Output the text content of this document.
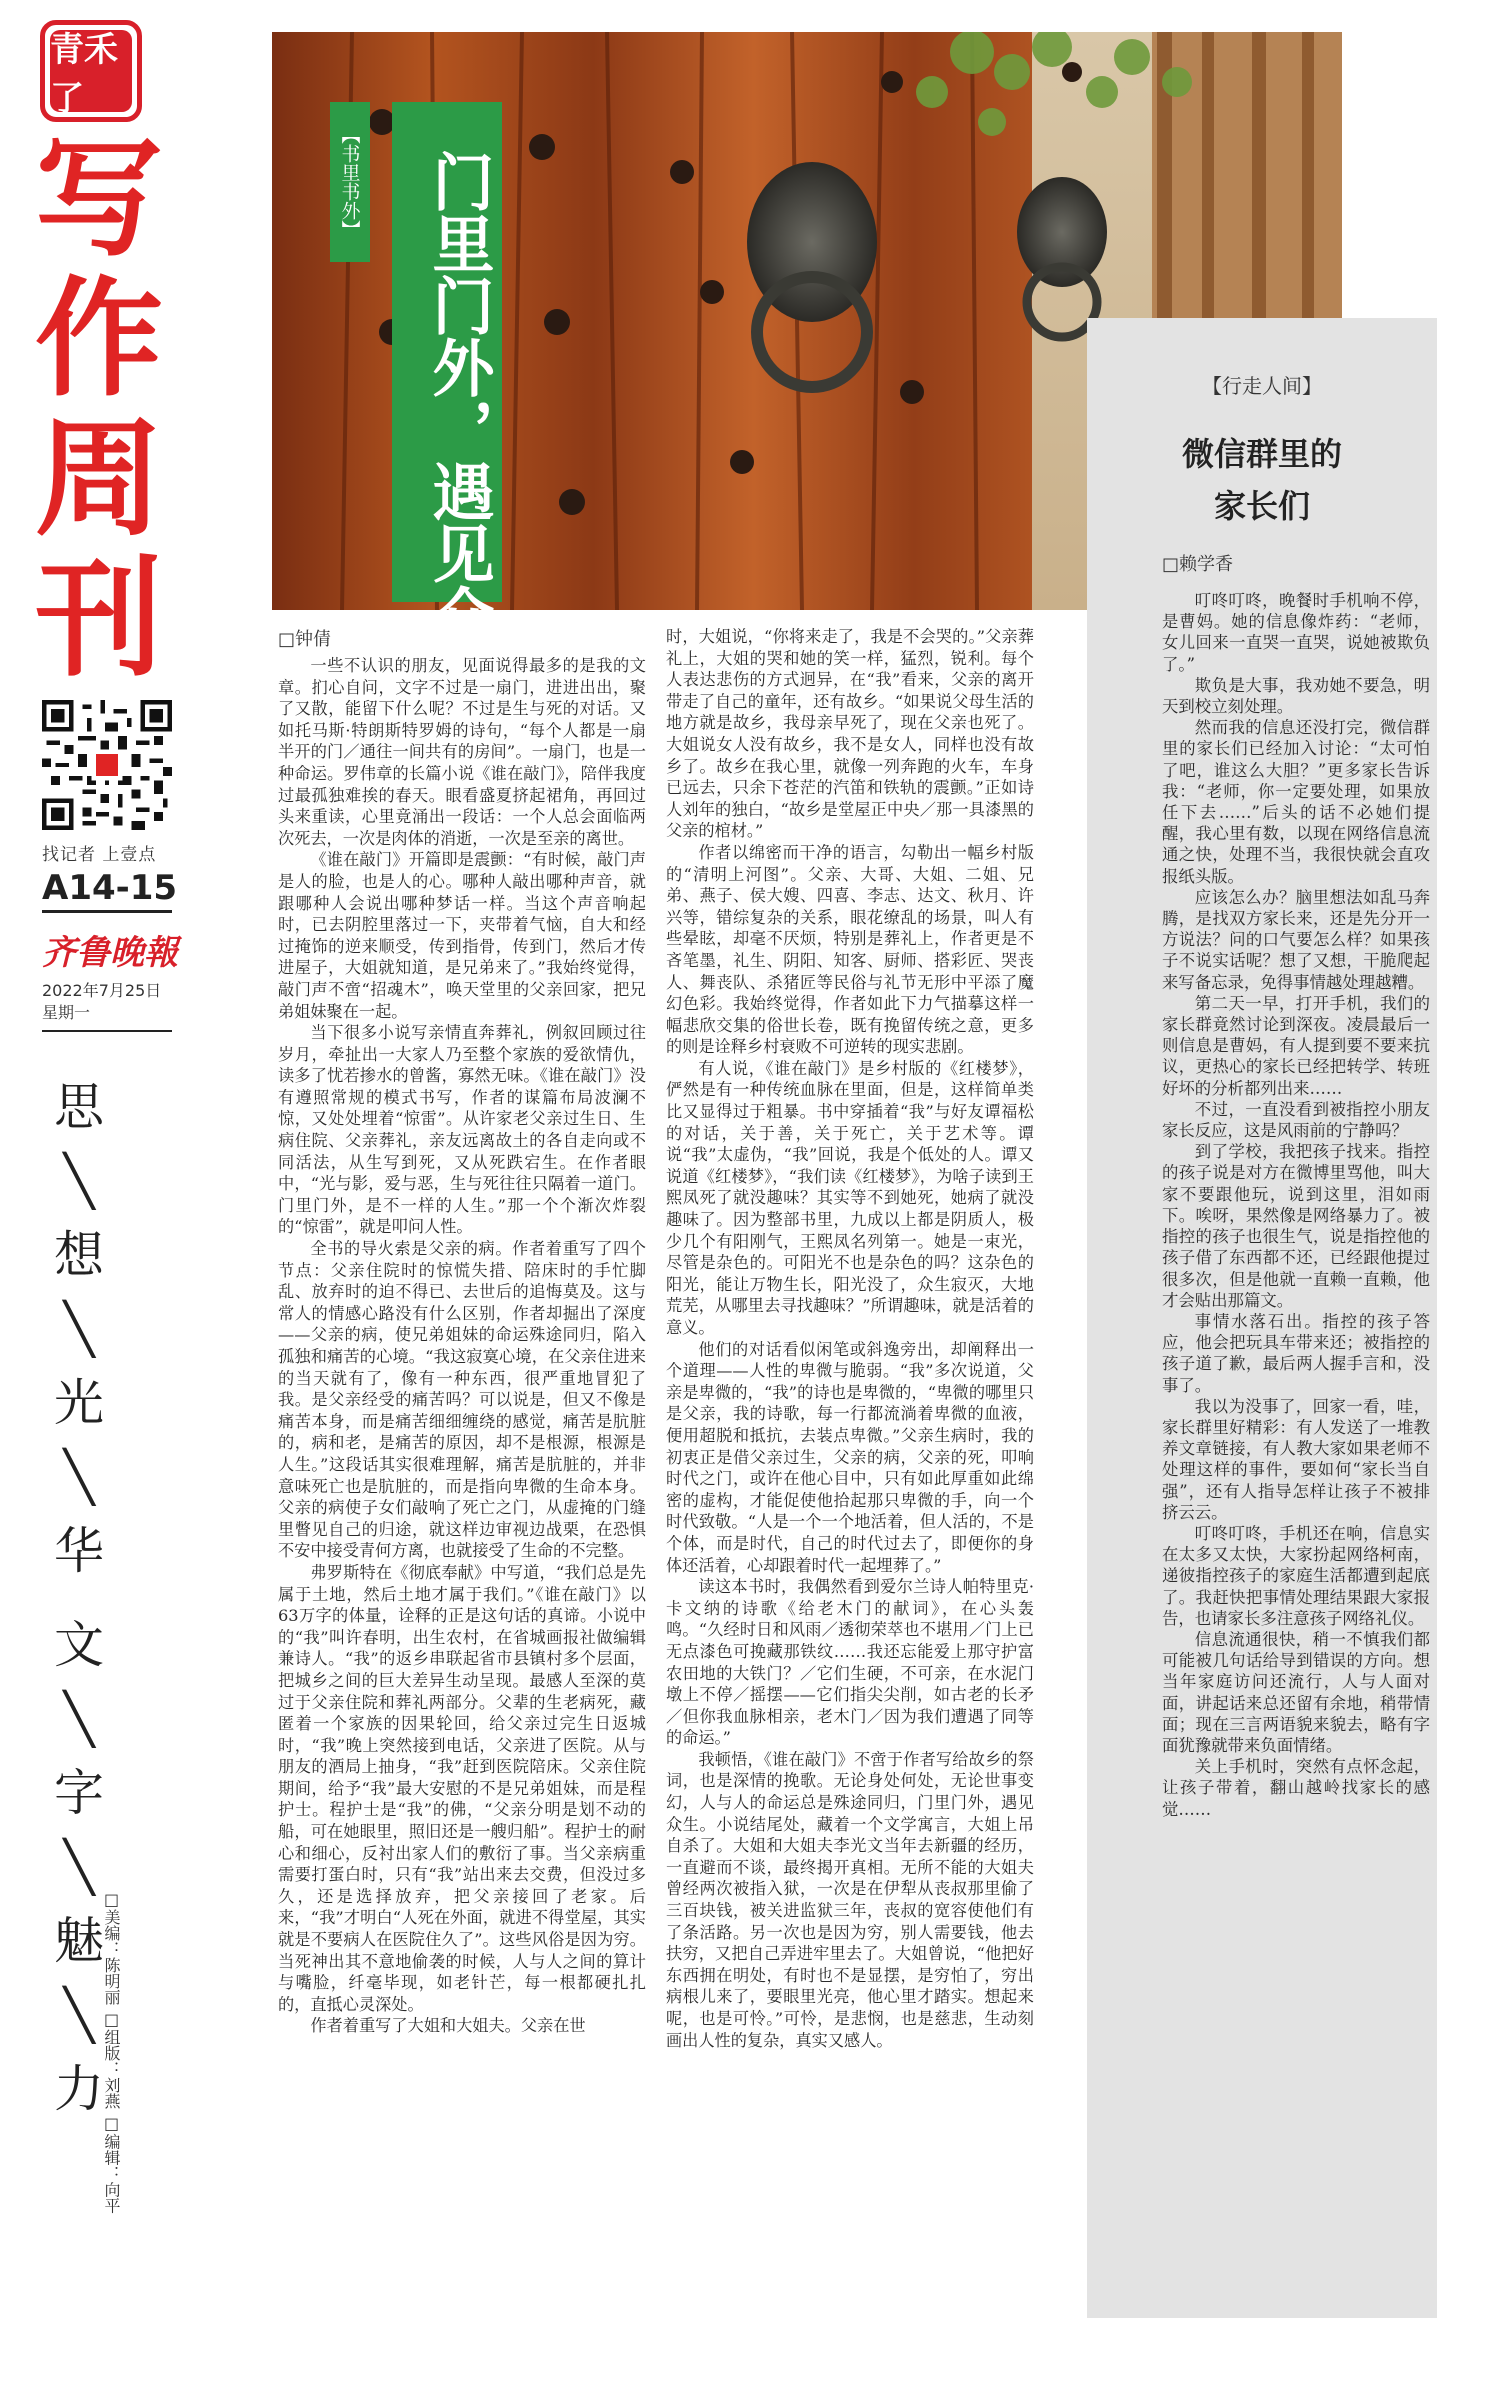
青禾了
写
作
周
刊
找记者 上壹点
A14-15
齐鲁晚報
2022年7月25日
星期一
思
╲
想
╲
光
╲
华
文
╲
字
╲
魅
╲
力
□美编：陈明丽 □组版：刘燕 □编辑：向平
【书里书外】 门里门外，遇见众生	【行走人间】
微信群里的
家长们
□赖学香
□钟倩

一些不认识的朋友，见面说得最多的是我的文章。扪心自问，文字不过是一扇门，进进出出，聚了又散，能留下什么呢？不过是生与死的对话。又如托马斯·特朗斯特罗姆的诗句，“每个人都是一扇半开的门／通往一间共有的房间”。一扇门，也是一种命运。罗伟章的长篇小说《谁在敲门》，陪伴我度过最孤独难挨的春天。眼看盛夏挤起裙角，再回过头来重读，心里竟涌出一段话：一个人总会面临两次死去，一次是肉体的消逝，一次是至亲的离世。

《谁在敲门》开篇即是震颤：“有时候，敲门声是人的脸，也是人的心。哪种人敲出哪种声音，就跟哪种人会说出哪种梦话一样。当这个声音响起时，已去阴腔里落过一下，夹带着气恼，自大和经过掩饰的逆来顺受，传到指骨，传到门，然后才传进屋子，大姐就知道，是兄弟来了。”我始终觉得，敲门声不啻“招魂木”，唤天堂里的父亲回家，把兄弟姐妹聚在一起。

当下很多小说写亲情直奔葬礼，例叙回顾过往岁月，牵扯出一大家人乃至整个家族的爱欲情仇，读多了忧若掺水的曾酱，寡然无味。《谁在敲门》没有遵照常规的模式书写，作者的谋篇布局波澜不惊，又处处埋着“惊雷”。从许家老父亲过生日、生病住院、父亲葬礼，亲友远离故土的各自走向或不同活法，从生写到死，又从死跌宕生。在作者眼中，“光与影，爱与恶，生与死往往只隔着一道门。门里门外，是不一样的人生。”那一个个渐次炸裂的“惊雷”，就是叩问人性。

全书的导火索是父亲的病。作者着重写了四个节点：父亲住院时的惊慌失措、陪床时的手忙脚乱、放弃时的迫不得已、去世后的追悔莫及。这与常人的情感心路没有什么区别，作者却掘出了深度——父亲的病，使兄弟姐妹的命运殊途同归，陷入孤独和痛苦的心境。“我这寂寞心境，在父亲住进来的当天就有了，像有一种东西，很严重地冒犯了我。是父亲经受的痛苦吗？可以说是，但又不像是痛苦本身，而是痛苦细细缠绕的感觉，痛苦是肮脏的，病和老，是痛苦的原因，却不是根源，根源是人生。”这段话其实很难理解，痛苦是肮脏的，并非意味死亡也是肮脏的，而是指向卑微的生命本身。父亲的病使子女们敲响了死亡之门，从虚掩的门缝里瞥见自己的归途，就这样边审视边战栗，在恐惧不安中接受青何方离，也就接受了生命的不完整。

弗罗斯特在《彻底奉献》中写道，“我们总是先属于土地，然后土地才属于我们。”《谁在敲门》以63万字的体量，诠释的正是这句话的真谛。小说中的“我”叫许春明，出生农村，在省城画报社做编辑兼诗人。“我”的返乡串联起省市县镇村多个层面，把城乡之间的巨大差异生动呈现。最感人至深的莫过于父亲住院和葬礼两部分。父辈的生老病死，藏匿着一个家族的因果轮回，给父亲过完生日返城时，“我”晚上突然接到电话，父亲进了医院。从与朋友的酒局上抽身，“我”赶到医院陪床。父亲住院期间，给予“我”最大安慰的不是兄弟姐妹，而是程护士。程护士是“我”的佛，“父亲分明是划不动的船，可在她眼里，照旧还是一艘归船”。程护士的耐心和细心，反衬出家人们的敷衍了事。当父亲病重需要打蛋白时，只有“我”站出来去交费，但没过多久，还是选择放弃，把父亲接回了老家。后来，“我”才明白“人死在外面，就进不得堂屋，其实就是不要病人在医院住久了”。这些风俗是因为穷。当死神出其不意地偷袭的时候，人与人之间的算计与嘴脸，纤毫毕现，如老针芒，每一根都硬扎扎的，直抵心灵深处。

作者着重写了大姐和大姐夫。父亲在世

时，大姐说，“你将来走了，我是不会哭的。”父亲葬礼上，大姐的哭和她的笑一样，猛烈，锐利。每个人表达悲伤的方式迥异，在“我”看来，父亲的离开带走了自己的童年，还有故乡。“如果说父母生活的地方就是故乡，我母亲早死了，现在父亲也死了。大姐说女人没有故乡，我不是女人，同样也没有故乡了。故乡在我心里，就像一列奔跑的火车，车身已远去，只余下苍茫的汽笛和铁轨的震颤。”正如诗人刘年的独白，“故乡是堂屋正中央／那一具漆黑的父亲的棺材。”

作者以绵密而干净的语言，勾勒出一幅乡村版的“清明上河图”。父亲、大哥、大姐、二姐、兄弟、燕子、侯大嫂、四喜、李志、达文、秋月、许兴等，错综复杂的关系，眼花缭乱的场景，叫人有些晕眩，却毫不厌烦，特别是葬礼上，作者更是不吝笔墨，礼生、阴阳、知客、厨师、搭彩匠、哭丧人、舞丧队、杀猪匠等民俗与礼节无形中平添了魔幻色彩。我始终觉得，作者如此下力气描摹这样一幅悲欣交集的俗世长卷，既有挽留传统之意，更多的则是诠释乡村衰败不可逆转的现实悲剧。

有人说，《谁在敲门》是乡村版的《红楼梦》，俨然是有一种传统血脉在里面，但是，这样简单类比又显得过于粗暴。书中穿插着“我”与好友谭福松的对话，关于善，关于死亡，关于艺术等。谭说“我”太虚伪，“我”回说，我是个低处的人。谭又说道《红楼梦》，“我们读《红楼梦》，为啥子读到王熙凤死了就没趣味？其实等不到她死，她病了就没趣味了。因为整部书里，九成以上都是阴质人，极少几个有阳刚气，王熙凤名列第一。她是一束光，尽管是杂色的。可阳光不也是杂色的吗？这杂色的阳光，能让万物生长，阳光没了，众生寂灭，大地荒芜，从哪里去寻找趣味？”所谓趣味，就是活着的意义。

他们的对话看似闲笔或斜逸旁出，却阐释出一个道理——人性的卑微与脆弱。“我”多次说道，父亲是卑微的，“我”的诗也是卑微的，“卑微的哪里只是父亲，我的诗歌，每一行都流淌着卑微的血液，便用超脱和抵抗，去装点卑微。”父亲生病时，我的初衷正是借父亲过生，父亲的病，父亲的死，叩响时代之门，或许在他心目中，只有如此厚重如此绵密的虚构，才能促使他拾起那只卑微的手，向一个时代致敬。“人是一个一个地活着，但人活的，不是个体，而是时代，自己的时代过去了，即便你的身体还活着，心却跟着时代一起埋葬了。”

读这本书时，我偶然看到爱尔兰诗人帕特里克·卡文纳的诗歌《给老木门的献词》，在心头轰鸣。“久经时日和风雨／透彻荣萃也不堪用／门上已无点漆色可挽藏那铁纹……我还忘能爱上那守护富农田地的大铁门？／它们生硬，不可亲，在水泥门墩上不停／摇摆——它们指尖尖削，如古老的长矛／但你我血脉相亲，老木门／因为我们遭遇了同等的命运。”

我顿悟，《谁在敲门》不啻于作者写给故乡的祭词，也是深情的挽歌。无论身处何处，无论世事变幻，人与人的命运总是殊途同归，门里门外，遇见众生。小说结尾处，藏着一个文学寓言，大姐上吊自杀了。大姐和大姐夫李光文当年去新疆的经历，一直避而不谈，最终揭开真相。无所不能的大姐夫曾经两次被指入狱，一次是在伊犁从丧叔那里偷了三百块钱，被关进监狱三年，丧叔的宽容使他们有了条活路。另一次也是因为穷，别人需要钱，他去扶穷，又把自己弄进牢里去了。大姐曾说，“他把好东西拥在明处，有时也不是显摆，是穷怕了，穷出病根儿来了，要眼里光亮，他心里才踏实。想起来呢，也是可怜。”可怜，是悲悯，也是慈悲，生动刻画出人性的复杂，真实又感人。

叮咚叮咚，晚餐时手机响不停，是曹妈。她的信息像炸药：“老师，女儿回来一直哭一直哭，说她被欺负了。”

欺负是大事，我劝她不要急，明天到校立刻处理。

然而我的信息还没打完，微信群里的家长们已经加入讨论：“太可怕了吧，谁这么大胆？”更多家长告诉我：“老师，你一定要处理，如果放任下去……”后头的话不必她们提醒，我心里有数，以现在网络信息流通之快，处理不当，我很快就会直攻报纸头版。

应该怎么办？脑里想法如乱马奔腾，是找双方家长来，还是先分开一方说法？问的口气要怎么样？如果孩子不说实话呢？想了又想，干脆爬起来写备忘录，免得事情越处理越糟。

第二天一早，打开手机，我们的家长群竟然讨论到深夜。凌晨最后一则信息是曹妈，有人提到要不要来抗议，更热心的家长已经把转学、转班好坏的分析都列出来……

不过，一直没看到被指控小朋友家长反应，这是风雨前的宁静吗？

到了学校，我把孩子找来。指控的孩子说是对方在微博里骂他，叫大家不要跟他玩，说到这里，泪如雨下。唉呀，果然像是网络暴力了。被指控的孩子也很生气，说是指控他的孩子借了东西都不还，已经跟他提过很多次，但是他就一直赖一直赖，他才会贴出那篇文。

事情水落石出。指控的孩子答应，他会把玩具车带来还；被指控的孩子道了歉，最后两人握手言和，没事了。

我以为没事了，回家一看，哇，家长群里好精彩：有人发送了一堆教养文章链接，有人教大家如果老师不处理这样的事件，要如何“家长当自强”，还有人指导怎样让孩子不被排挤云云。

叮咚叮咚，手机还在响，信息实在太多又太快，大家扮起网络柯南，递彼指控孩子的家庭生活都遭到起底了。我赶快把事情处理结果跟大家报告，也请家长多注意孩子网络礼仪。

信息流通很快，稍一不慎我们都可能被几句话给导到错误的方向。想当年家庭访问还流行，人与人面对面，讲起话来总还留有余地，稍带情面；现在三言两语貌来貌去，略有字面犹豫就带来负面情绪。

关上手机时，突然有点怀念起，让孩子带着，翻山越岭找家长的感觉……
